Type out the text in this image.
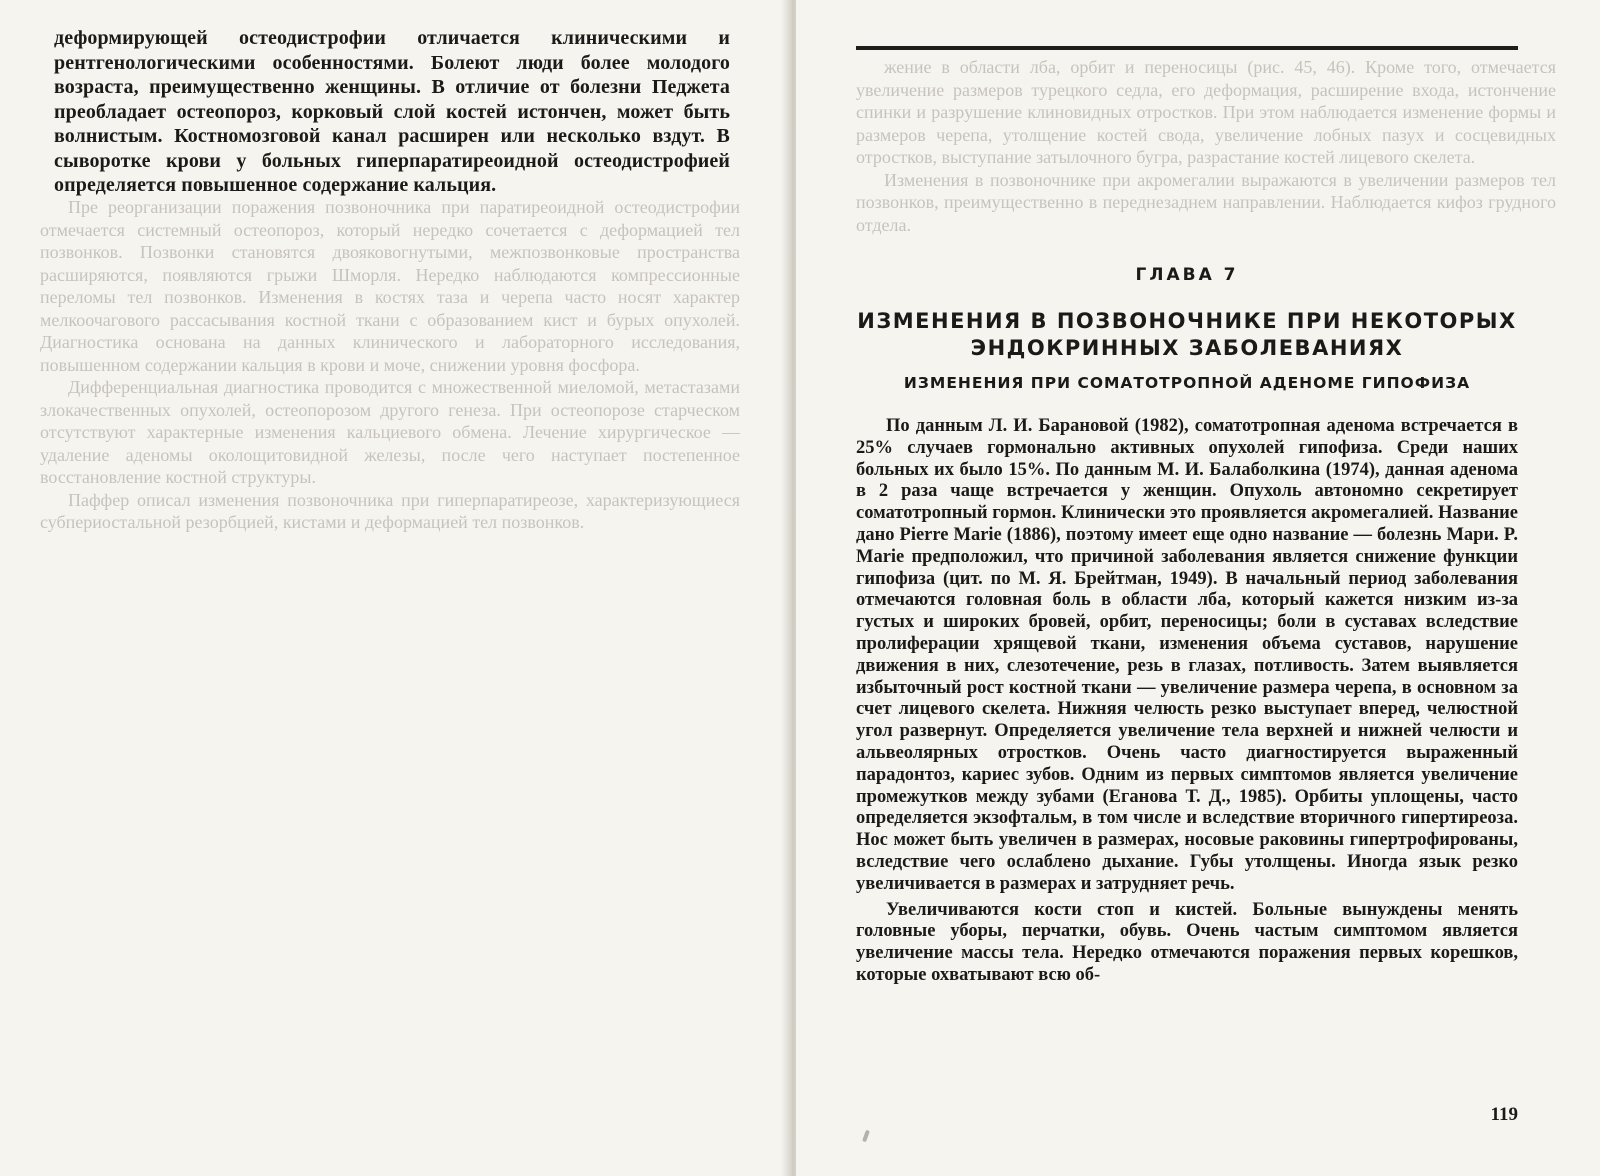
Пре реорганизации поражения позвоночника при паратиреоидной остеодистрофии отмечается системный остеопороз, который нередко сочетается с деформацией тел позвонков. Позвонки становятся двояковогнутыми, межпозвонковые пространства расширяются, появляются грыжи Шморля. Нередко наблюдаются компрессионные переломы тел позвонков. Изменения в костях таза и черепа часто носят характер мелкоочагового рассасывания костной ткани с образованием кист и бурых опухолей. Диагностика основана на данных клинического и лабораторного исследования, повышенном содержании кальция в крови и моче, снижении уровня фосфора.

Дифференциальная диагностика проводится с множественной миеломой, метастазами злокачественных опухолей, остеопорозом другого генеза. При остеопорозе старческом отсутствуют характерные изменения кальциевого обмена. Лечение хирургическое — удаление аденомы околощитовидной железы, после чего наступает постепенное восстановление костной структуры.

Паффер описал изменения позвоночника при гиперпаратиреозе, характеризующиеся субпериостальной резорбцией, кистами и деформацией тел позвонков.

деформирующей остеодистрофии отличается клиническими и рентгенологическими особенностями. Болеют люди более молодого возраста, преимущественно женщины. В отличие от болезни Педжета преобладает остеопороз, корковый слой костей истончен, может быть волнистым. Костномозговой канал расширен или несколько вздут. В сыворотке крови у больных гиперпаратиреоидной остеодистрофией определяется повышенное содержание кальция.

жение в области лба, орбит и переносицы (рис. 45, 46). Кроме того, отмечается увеличение размеров турецкого седла, его деформация, расширение входа, истончение спинки и разрушение клиновидных отростков. При этом наблюдается изменение формы и размеров черепа, утолщение костей свода, увеличение лобных пазух и сосцевидных отростков, выступание затылочного бугра, разрастание костей лицевого скелета.

Изменения в позвоночнике при акромегалии выражаются в увеличении размеров тел позвонков, преимущественно в переднезаднем направлении. Наблюдается кифоз грудного отдела.

ГЛАВА 7
ИЗМЕНЕНИЯ В ПОЗВОНОЧНИКЕ ПРИ НЕКОТОРЫХ
ЭНДОКРИННЫХ ЗАБОЛЕВАНИЯХ
ИЗМЕНЕНИЯ ПРИ СОМАТОТРОПНОЙ АДЕНОМЕ ГИПОФИЗА

По данным Л. И. Барановой (1982), соматотропная аденома встречается в 25% случаев гормонально активных опухолей гипофиза. Среди наших больных их было 15%. По данным М. И. Балаболкина (1974), данная аденома в 2 раза чаще встречается у женщин. Опухоль автономно секретирует соматотропный гормон. Клинически это проявляется акромегалией. Название дано Pierre Marie (1886), поэтому имеет еще одно название — болезнь Мари. P. Marie предположил, что причиной заболевания является снижение функции гипофиза (цит. по М. Я. Брейтман, 1949). В начальный период заболевания отмечаются головная боль в области лба, который кажется низким из-за густых и широких бровей, орбит, переносицы; боли в суставах вследствие пролиферации хрящевой ткани, изменения объема суставов, нарушение движения в них, слезотечение, резь в глазах, потливость. Затем выявляется избыточный рост костной ткани — увеличение размера черепа, в основном за счет лицевого скелета. Нижняя челюсть резко выступает вперед, челюстной угол развернут. Определяется увеличение тела верхней и нижней челюсти и альвеолярных отростков. Очень часто диагностируется выраженный парадонтоз, кариес зубов. Одним из первых симптомов является увеличение промежутков между зубами (Еганова Т. Д., 1985). Орбиты уплощены, часто определяется экзофтальм, в том числе и вследствие вторичного гипертиреоза. Нос может быть увеличен в размерах, носовые раковины гипертрофированы, вследствие чего ослаблено дыхание. Губы утолщены. Иногда язык резко увеличивается в размерах и затрудняет речь.

Увеличиваются кости стоп и кистей. Больные вынуждены менять головные уборы, перчатки, обувь. Очень частым симптомом является увеличение массы тела. Нередко отмечаются поражения первых корешков, которые охватывают всю об-

119
